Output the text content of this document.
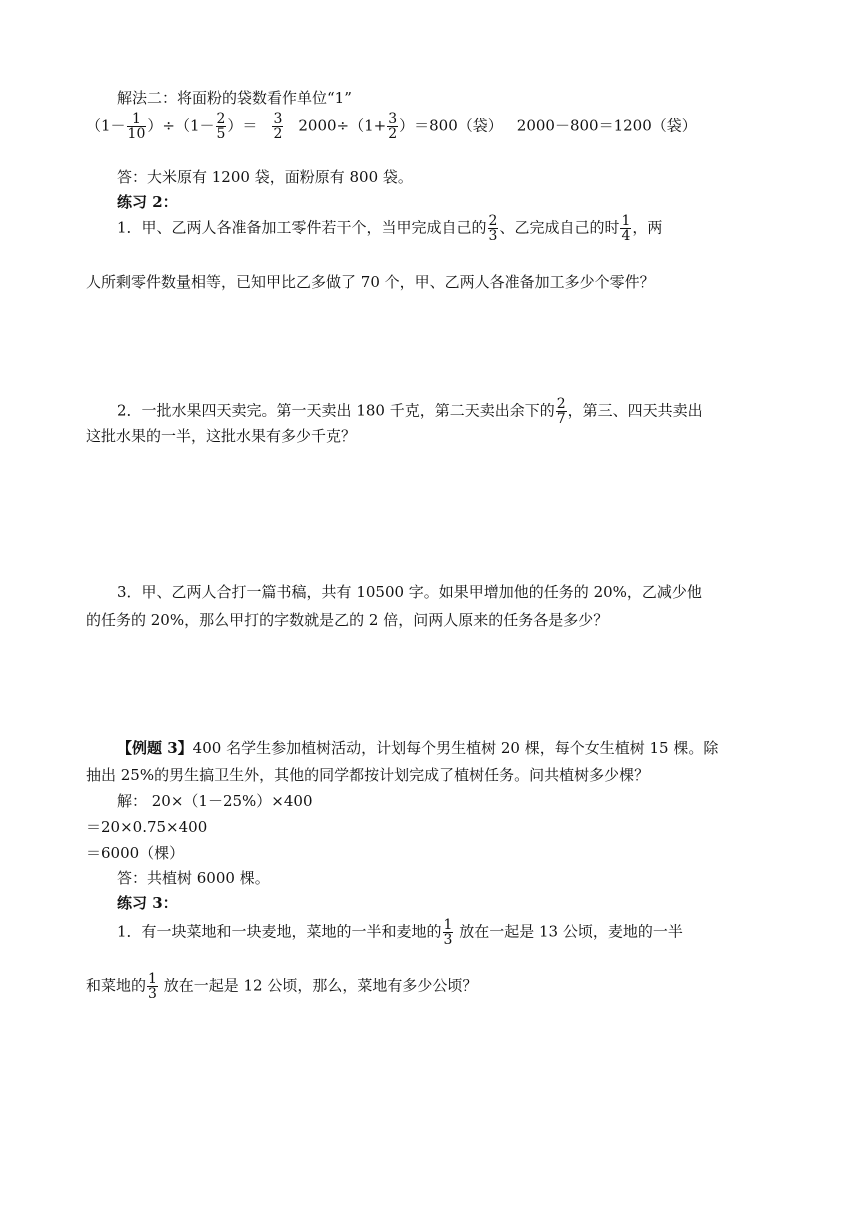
解法二：将面粉的袋数看作单位“1”
$(1- \frac{1}{10} )\div(1- \frac{2}{5}$ ）＝ $\frac{3}{2} 2000\div(1+ \frac{3}{2} )=800$（袋） 2000－800＝1200（袋）
答：大米原有 1200 袋，面粉原有 800 袋。
练习 2：
1．甲、乙两人各准备加工零件若干个，当甲完成自己的 $\frac{2}{3}$ 、乙完成自己的时 $\frac{1}{4}$ ，两
人所剩零件数量相等，已知甲比乙多做了 70 个，甲、乙两人各准备加工多少个零件？
2．一批水果四天卖完。第一天卖出 180 千克，第二天卖出余下的 $\frac{2}{7}$ ，第三、四天共卖出
这批水果的一半，这批水果有多少千克？
3．甲、乙两人合打一篇书稿，共有 10500 字。如果甲增加他的任务的 20%，乙减少他
的任务的 20%，那么甲打的字数就是乙的 2 倍，问两人原来的任务各是多少？
【例题 3】400 名学生参加植树活动，计划每个男生植树 20 棵，每个女生植树 15 棵。除
抽出 25%的男生搞卫生外，其他的同学都按计划完成了植树任务。问共植树多少棵？
解： 20×（1－25%）×400
＝20×0.75×400
＝6000（棵）
答：共植树 6000 棵。
练习 3：
1．有一块菜地和一块麦地，菜地的一半和麦地的 $\frac{1}{3}$ 放在一起是 13 公顷，麦地的一半
和菜地的 $\frac{1}{3}$ 放在一起是 12 公顷，那么，菜地有多少公顷？
